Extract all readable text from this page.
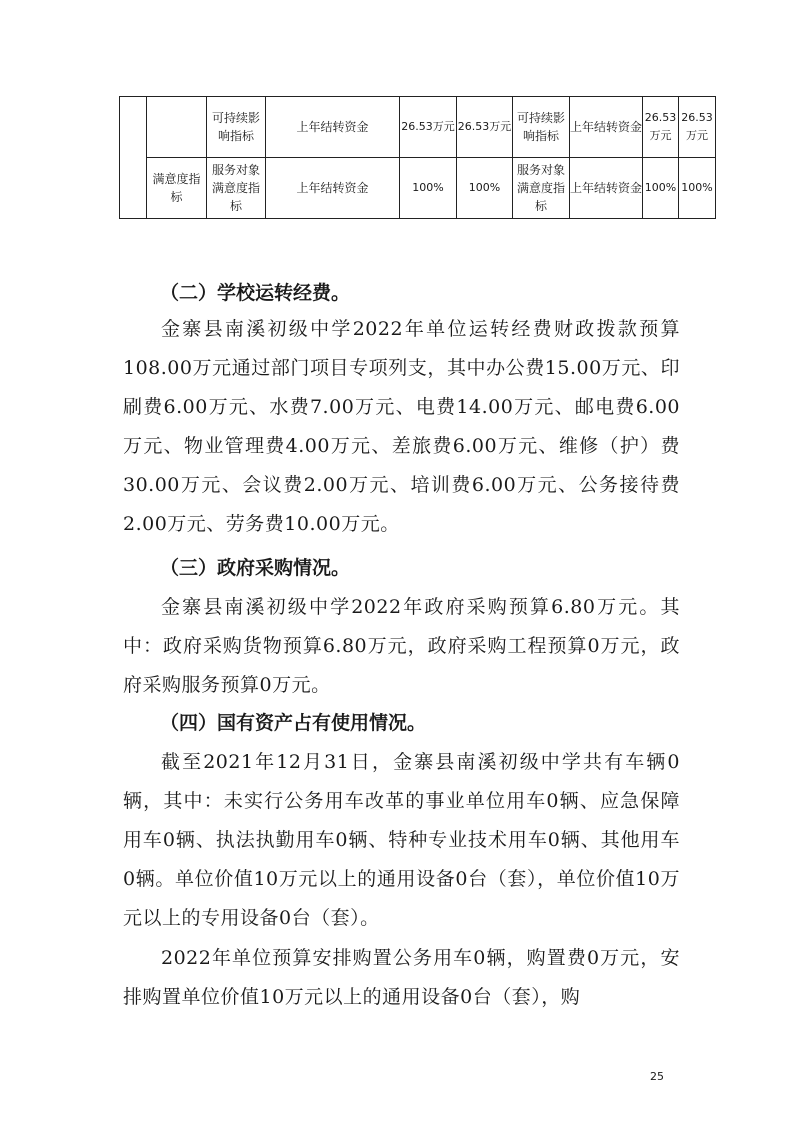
		可持续影响指标	上年结转资金	26.53万元	26.53万元	可持续影响指标	上年结转资金	26.53万元	26.53万元
	满意度指标	服务对象满意度指标	上年结转资金	100%	100%	服务对象满意度指标	上年结转资金	100%	100%
（二）学校运转经费。

金寨县南溪初级中学2022年单位运转经费财政拨款预算108.00万元通过部门项目专项列支，其中办公费15.00万元、印刷费6.00万元、水费7.00万元、电费14.00万元、邮电费6.00万元、物业管理费4.00万元、差旅费6.00万元、维修（护）费30.00万元、会议费2.00万元、培训费6.00万元、公务接待费2.00万元、劳务费10.00万元。

（三）政府采购情况。

金寨县南溪初级中学2022年政府采购预算6.80万元。其中：政府采购货物预算6.80万元，政府采购工程预算0万元，政府采购服务预算0万元。

（四）国有资产占有使用情况。

截至2021年12月31日，金寨县南溪初级中学共有车辆0辆，其中：未实行公务用车改革的事业单位用车0辆、应急保障用车0辆、执法执勤用车0辆、特种专业技术用车0辆、其他用车0辆。单位价值10万元以上的通用设备0台（套），单位价值10万元以上的专用设备0台（套）。

2022年单位预算安排购置公务用车0辆，购置费0万元，安排购置单位价值10万元以上的通用设备0台（套），购

25
